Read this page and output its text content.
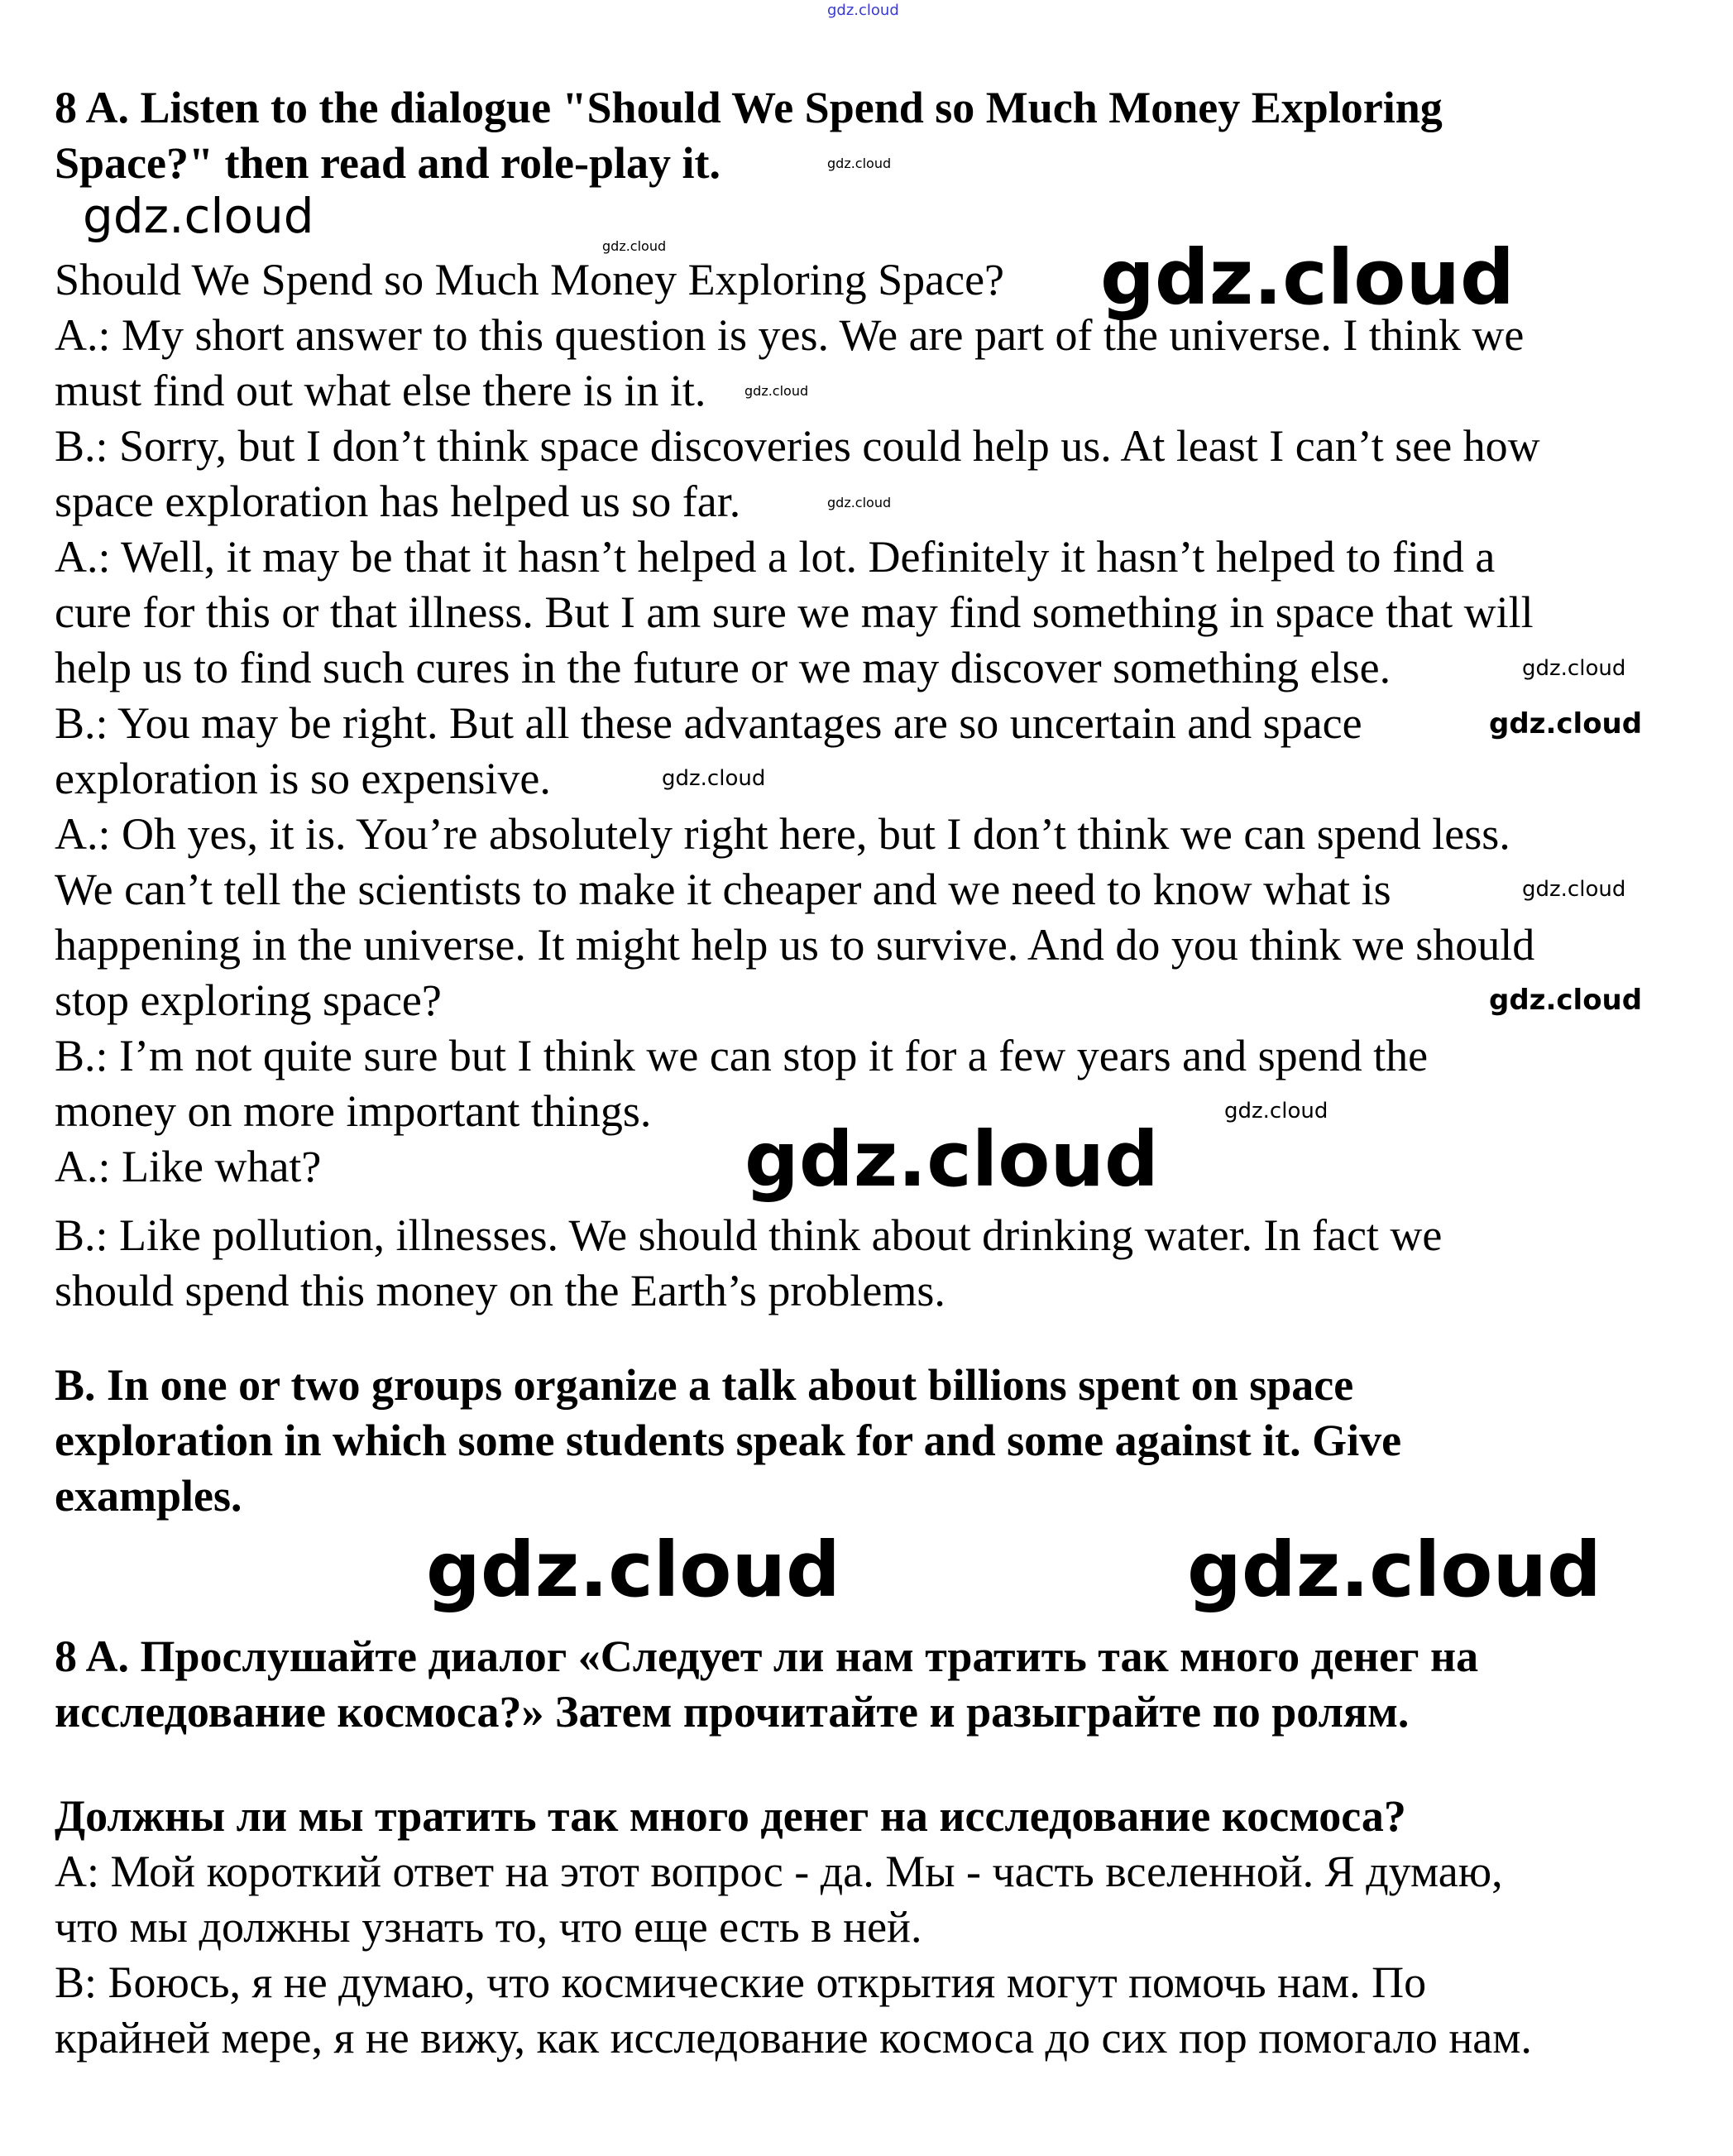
gdz.cloud
8 A. Listen to the dialogue "Should We Spend so Much Money Exploring
Space?" then read and role-play it.	gdz.cloud
gdz.cloud
gdz.cloud
Should We Spend so Much Money Exploring Space? gdz.cloud
A.: My short answer to this question is yes. We are part of the universe. I think we
must find out what else there is in it.	gdz.cloud
B.: Sorry, but I don’t think space discoveries could help us. At least I can’t see how
space exploration has helped us so far.	gdz.cloud
A.: Well, it may be that it hasn’t helped a lot. Definitely it hasn’t helped to find a
cure for this or that illness. But I am sure we may find something in space that will
help us to find such cures in the future or we may discover something else.	gdz.cloud
B.: You may be right. But all these advantages are so uncertain and space	gdz.cloud
exploration is so expensive.	gdz.cloud
A.: Oh yes, it is. You’re absolutely right here, but I don’t think we can spend less.
We can’t tell the scientists to make it cheaper and we need to know what is	gdz.cloud
happening in the universe. It might help us to survive. And do you think we should
stop exploring space?	gdz.cloud
B.: I’m not quite sure but I think we can stop it for a few years and spend the
money on more important things.	gdz.cloud
A.: Like what?	gdz.cloud
B.: Like pollution, illnesses. We should think about drinking water. In fact we
should spend this money on the Earth’s problems.
B. In one or two groups organize a talk about billions spent on space
exploration in which some students speak for and some against it. Give
examples.
gdz.cloud	gdz.cloud
8 A. Прослушайте диалог «Следует ли нам тратить так много денег на
исследование космоса?» Затем прочитайте и разыграйте по ролям.
Должны ли мы тратить так много денег на исследование космоса?
А: Мой короткий ответ на этот вопрос - да. Мы - часть вселенной. Я думаю,
что мы должны узнать то, что еще есть в ней.
В: Боюсь, я не думаю, что космические открытия могут помочь нам. По
крайней мере, я не вижу, как исследование космоса до сих пор помогало нам.
